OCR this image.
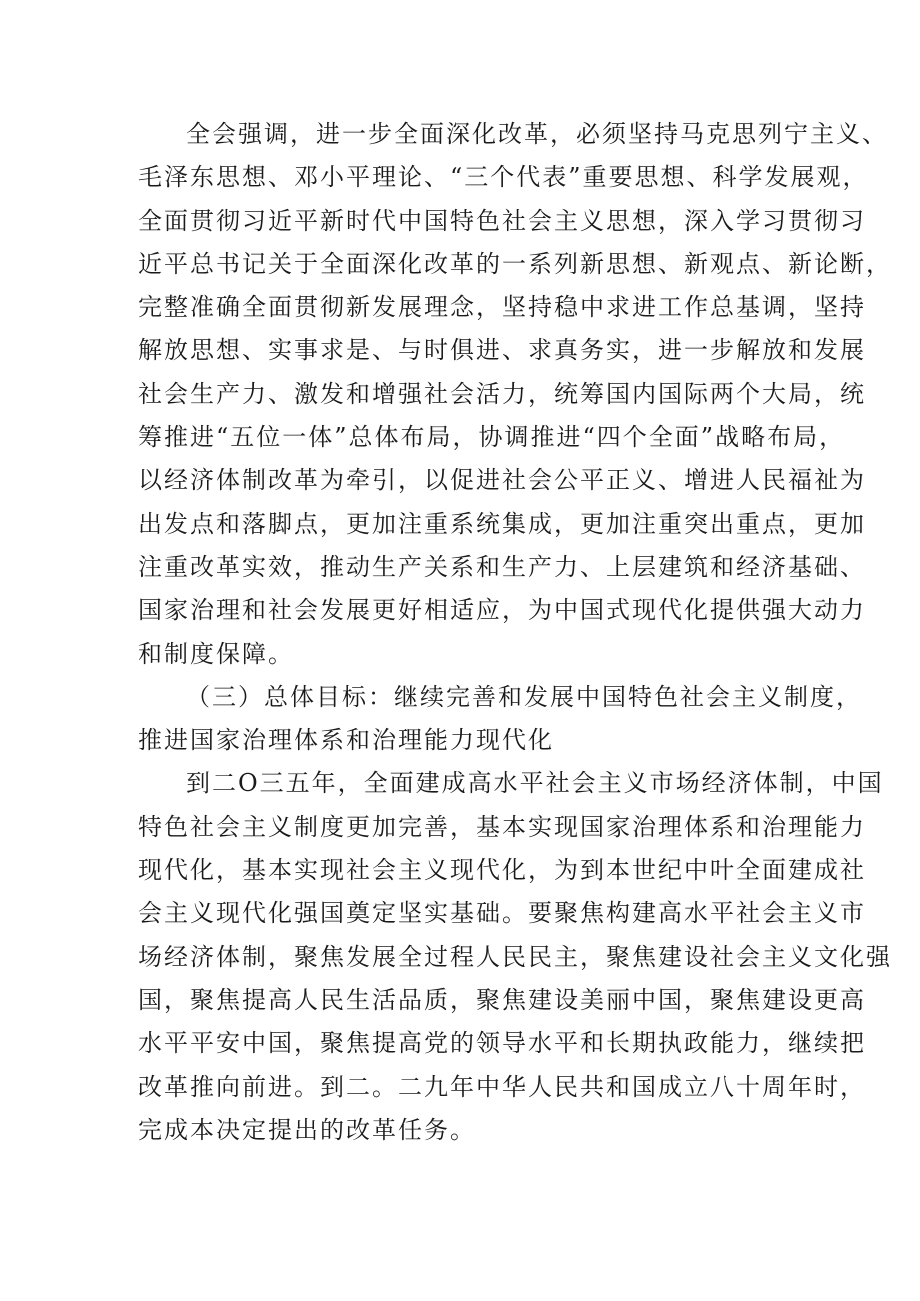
全会强调，进一步全面深化改革，必须坚持马克思列宁主义、
毛泽东思想、邓小平理论、“三个代表”重要思想、科学发展观，
全面贯彻习近平新时代中国特色社会主义思想，深入学习贯彻习
近平总书记关于全面深化改革的一系列新思想、新观点、新论断，
完整准确全面贯彻新发展理念，坚持稳中求进工作总基调，坚持
解放思想、实事求是、与时俱进、求真务实，进一步解放和发展
社会生产力、激发和增强社会活力，统筹国内国际两个大局，统
筹推进“五位一体”总体布局，协调推进“四个全面”战略布局，
以经济体制改革为牵引，以促进社会公平正义、增进人民福祉为
出发点和落脚点，更加注重系统集成，更加注重突出重点，更加
注重改革实效，推动生产关系和生产力、上层建筑和经济基础、
国家治理和社会发展更好相适应，为中国式现代化提供强大动力
和制度保障。
（三）总体目标：继续完善和发展中国特色社会主义制度，
推进国家治理体系和治理能力现代化
到二O三五年，全面建成高水平社会主义市场经济体制，中国
特色社会主义制度更加完善，基本实现国家治理体系和治理能力
现代化，基本实现社会主义现代化，为到本世纪中叶全面建成社
会主义现代化强国奠定坚实基础。要聚焦构建高水平社会主义市
场经济体制，聚焦发展全过程人民民主，聚焦建设社会主义文化强
国，聚焦提高人民生活品质，聚焦建设美丽中国，聚焦建设更高
水平平安中国，聚焦提高党的领导水平和长期执政能力，继续把
改革推向前进。到二。二九年中华人民共和国成立八十周年时，
完成本决定提出的改革任务。
